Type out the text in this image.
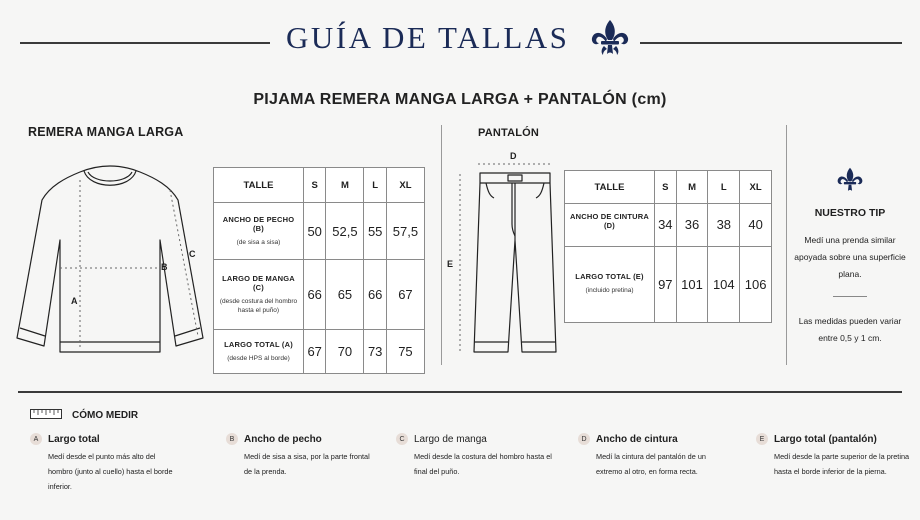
GUÍA DE TALLAS
PIJAMA REMERA MANGA LARGA + PANTALÓN (cm)
REMERA MANGA LARGA
A
B
C
TALLE	S	M	L	XL

ANCHO DE PECHO (B)
(de sisa a sisa)	50	52,5	55	57,5

LARGO DE MANGA (C)
(desde costura del hombro hasta el puño)	66	65	66	67

LARGO TOTAL (A)
(desde HPS al borde)	67	70	73	75
PANTALÓN
D
E
TALLE	S	M	L	XL

ANCHO DE CINTURA (D)	34	36	38	40

LARGO TOTAL (E)
(incluido pretina)	97	101	104	106
NUESTRO TIP
Medí una prenda similar apoyada sobre una superficie plana.
Las medidas pueden variar entre 0,5 y 1 cm.
CÓMO MEDIR
A Largo total
Medí desde el punto más alto del hombro (junto al cuello) hasta el borde inferior.
B Ancho de pecho
Medí de sisa a sisa, por la parte frontal de la prenda.
C Largo de manga
Medí desde la costura del hombro hasta el final del puño.
D Ancho de cintura
Medí la cintura del pantalón de un extremo al otro, en forma recta.
E Largo total (pantalón)
Medí desde la parte superior de la pretina hasta el borde inferior de la pierna.
